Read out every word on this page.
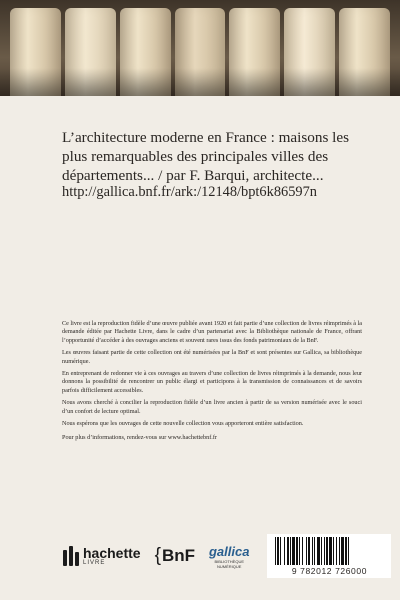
L’architecture moderne en France : maisons les plus remarquables des principales villes des départements... / par F. Barqui, architecte...

http://gallica.bnf.fr/ark:/12148/bpt6k86597n

Ce livre est la reproduction fidèle d’une œuvre publiée avant 1920 et fait partie d’une collection de livres réimprimés à la demande éditée par Hachette Livre, dans le cadre d’un partenariat avec la Bibliothèque nationale de France, offrant l’opportunité d’accéder à des ouvrages anciens et souvent rares issus des fonds patrimoniaux de la BnF.

Les œuvres faisant partie de cette collection ont été numérisées par la BnF et sont présentes sur Gallica, sa bibliothèque numérique.

En entreprenant de redonner vie à ces ouvrages au travers d’une collection de livres réimprimés à la demande, nous leur donnons la possibilité de rencontrer un public élargi et participons à la transmission de connaissances et de savoirs parfois difficilement accessibles.

Nous avons cherché à concilier la reproduction fidèle d’un livre ancien à partir de sa version numérisée avec le souci d’un confort de lecture optimal.

Nous espérons que les ouvrages de cette nouvelle collection vous apporteront entière satisfaction.

Pour plus d’informations, rendez-vous sur www.hachettebnf.fr

hachette
LIVRE	{ BnF gallica
BIBLIOTHÈQUE
NUMÉRIQUE	9 782012 726000
